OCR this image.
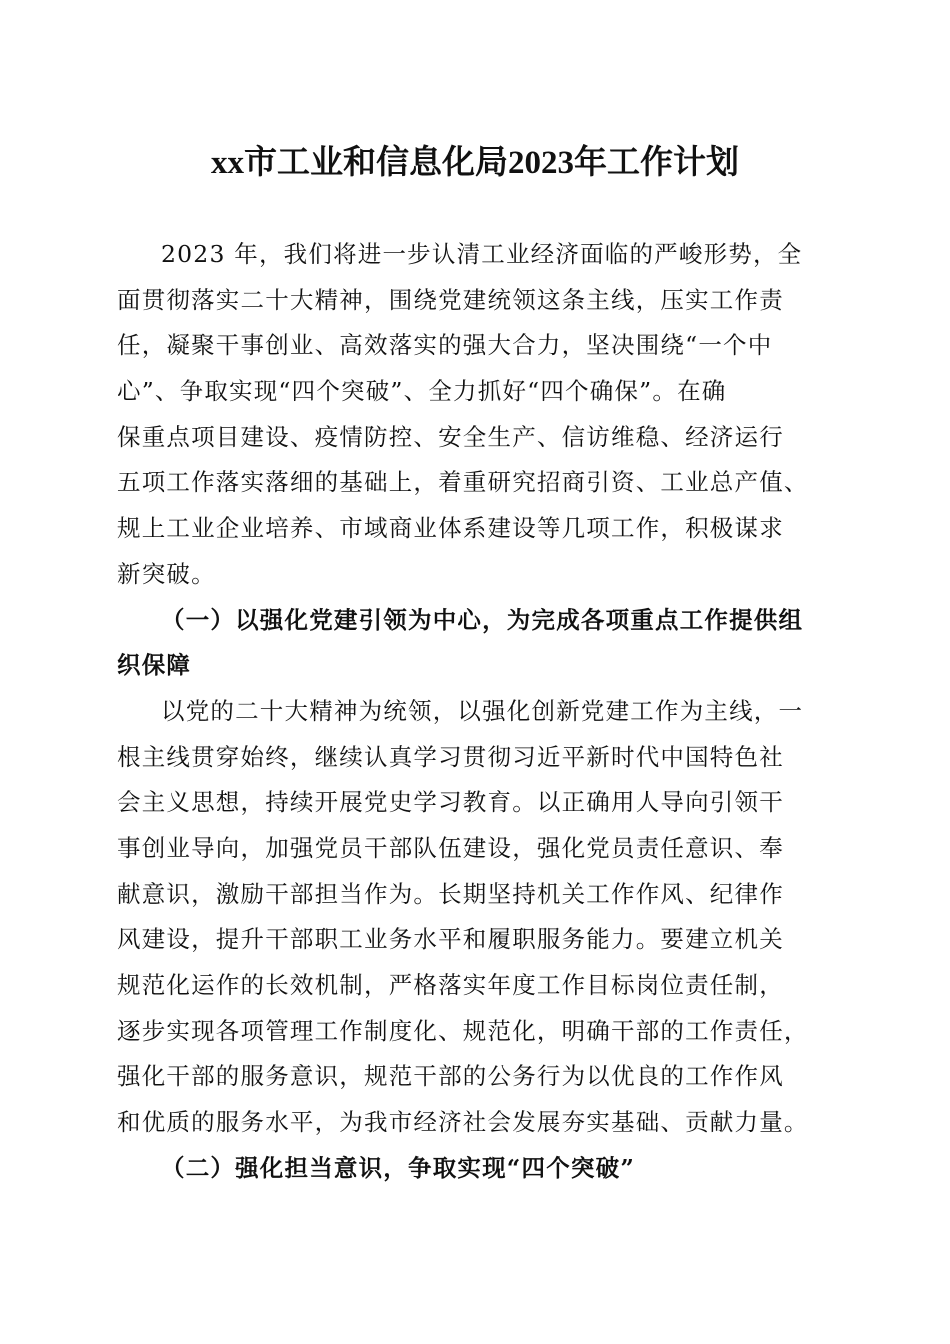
xx市工业和信息化局2023年工作计划
2023 年，我们将进一步认清工业经济面临的严峻形势，全
面贯彻落实二十大精神，围绕党建统领这条主线，压实工作责
任，凝聚干事创业、高效落实的强大合力，坚决围绕“一个中
心”、争取实现“四个突破”、全力抓好“四个确保”。在确
保重点项目建设、疫情防控、安全生产、信访维稳、经济运行
五项工作落实落细的基础上，着重研究招商引资、工业总产值、
规上工业企业培养、市域商业体系建设等几项工作，积极谋求
新突破。
（一）以强化党建引领为中心，为完成各项重点工作提供组
织保障
以党的二十大精神为统领，以强化创新党建工作为主线，一
根主线贯穿始终，继续认真学习贯彻习近平新时代中国特色社
会主义思想，持续开展党史学习教育。以正确用人导向引领干
事创业导向，加强党员干部队伍建设，强化党员责任意识、奉
献意识，激励干部担当作为。长期坚持机关工作作风、纪律作
风建设，提升干部职工业务水平和履职服务能力。要建立机关
规范化运作的长效机制，严格落实年度工作目标岗位责任制，
逐步实现各项管理工作制度化、规范化，明确干部的工作责任，
强化干部的服务意识，规范干部的公务行为以优良的工作作风
和优质的服务水平，为我市经济社会发展夯实基础、贡献力量。
（二）强化担当意识，争取实现“四个突破”
